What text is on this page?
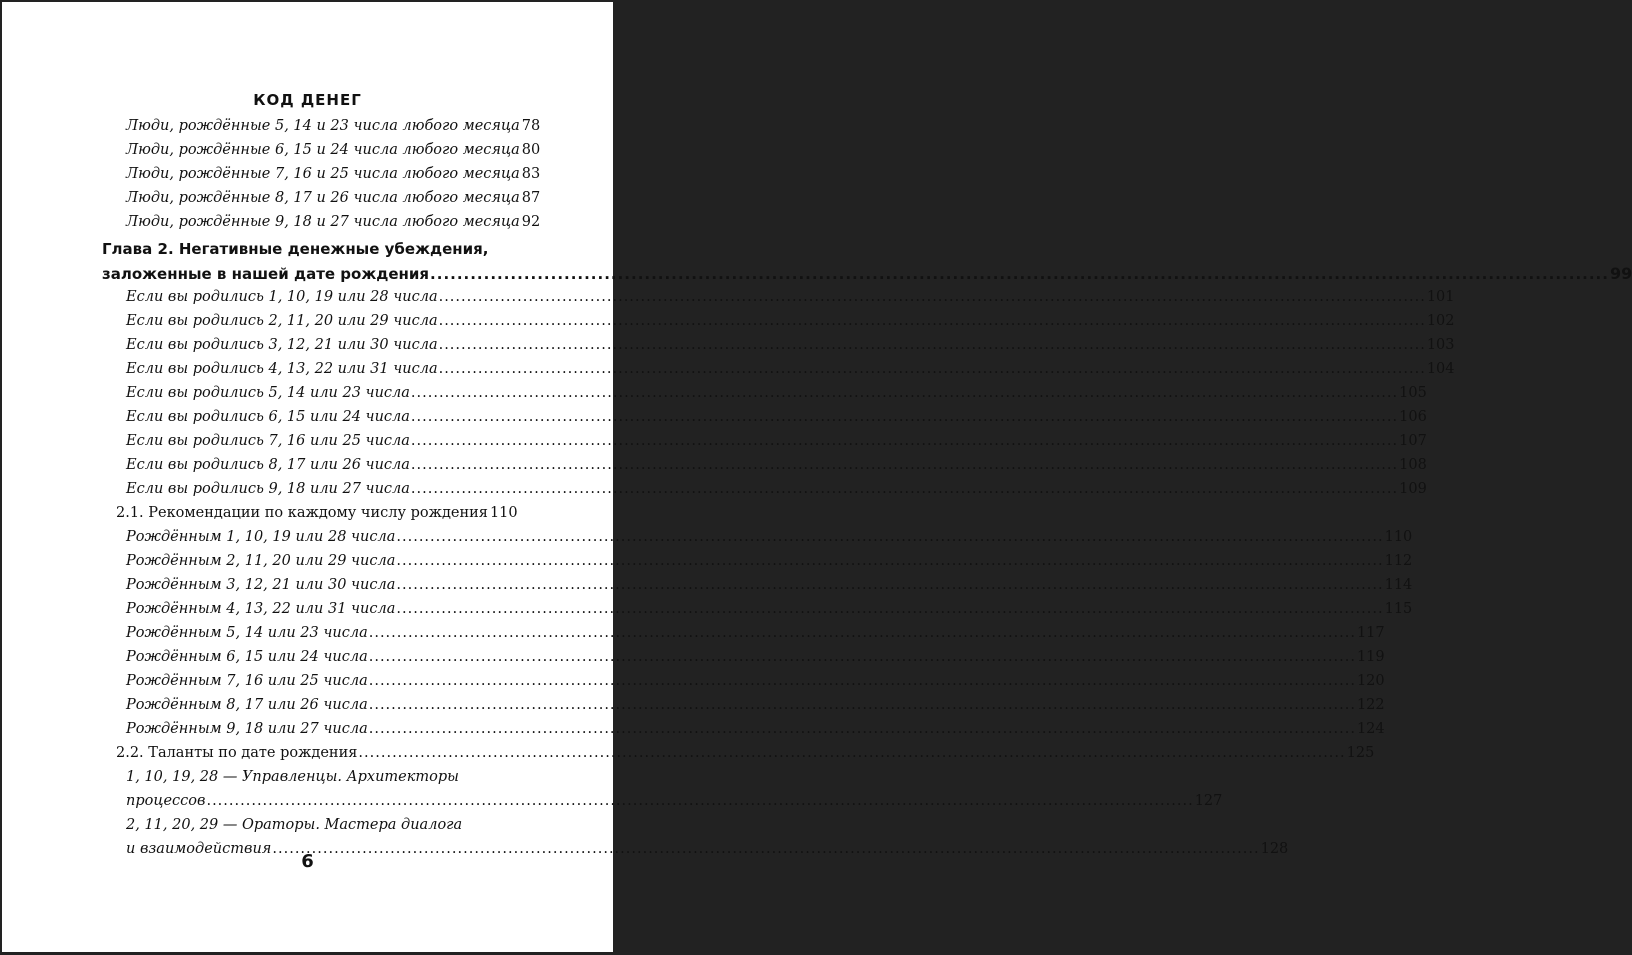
КОД ДЕНЕГ
Люди, рождённые 5, 14 и 23 числа любого месяца 78
Люди, рождённые 6, 15 и 24 числа любого месяца 80
Люди, рождённые 7, 16 и 25 числа любого месяца 83
Люди, рождённые 8, 17 и 26 числа любого месяца 87
Люди, рождённые 9, 18 и 27 числа любого месяца 92
Глава 2. Негативные денежные убеждения,
заложенные в нашей дате рождения .....	99
Если вы родились 1, 10, 19 или 28 числа .....	101
Если вы родились 2, 11, 20 или 29 числа .....	102
Если вы родились 3, 12, 21 или 30 числа .....	103
Если вы родились 4, 13, 22 или 31 числа .....	104
Если вы родились 5, 14 или 23 числа .....	105
Если вы родились 6, 15 или 24 числа .....	106
Если вы родились 7, 16 или 25 числа .....	107
Если вы родились 8, 17 или 26 числа .....	108
Если вы родились 9, 18 или 27 числа .....	109
2.1. Рекомендации по каждому числу рождения 110
Рождённым 1, 10, 19 или 28 числа .....	110
Рождённым 2, 11, 20 или 29 числа .....	112
Рождённым 3, 12, 21 или 30 числа .....	114
Рождённым 4, 13, 22 или 31 числа .....	115
Рождённым 5, 14 или 23 числа .....	117
Рождённым 6, 15 или 24 числа .....	119
Рождённым 7, 16 или 25 числа .....	120
Рождённым 8, 17 или 26 числа .....	122
Рождённым 9, 18 или 27 числа .....	124
2.2. Таланты по дате рождения .....	125
1, 10, 19, 28 — Управленцы. Архитекторы
процессов .....	127
2, 11, 20, 29 — Ораторы. Мастера диалога
и взаимодействия .....	128
6
